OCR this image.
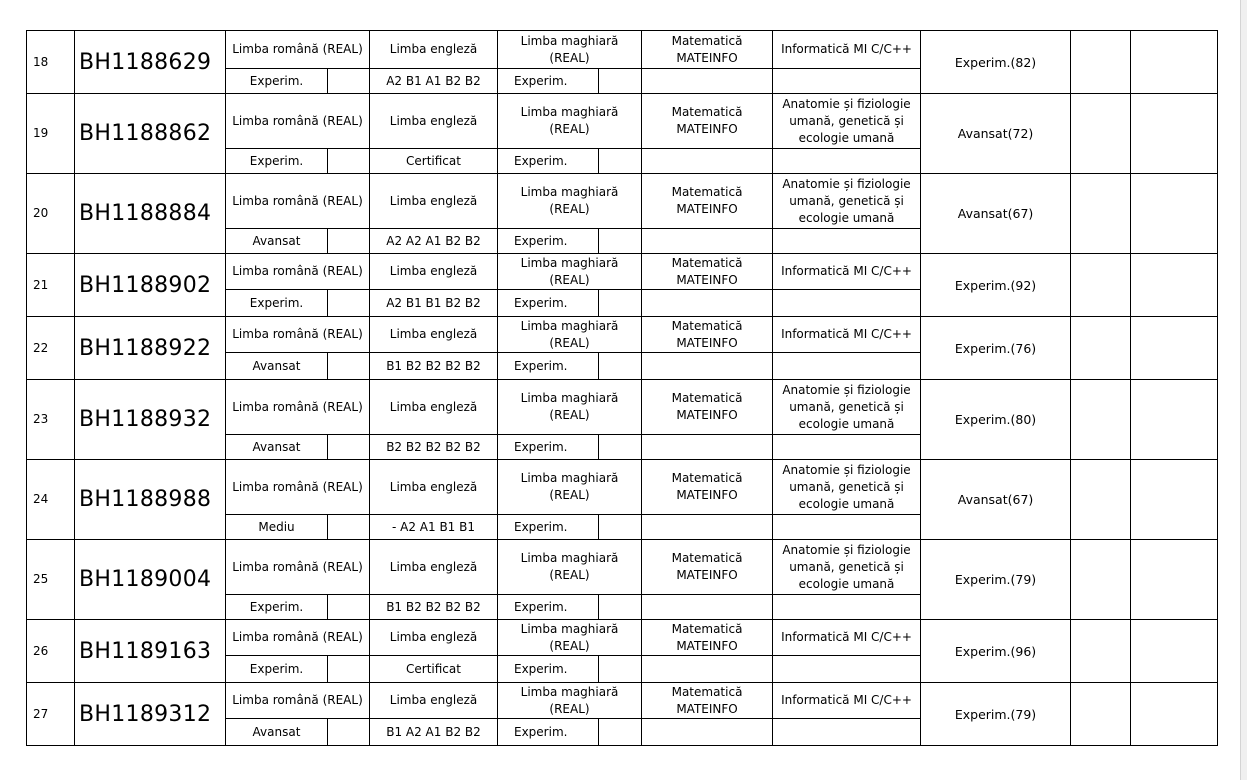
18	BH1188629	Limba română (REAL)		Limba engleză	Limba maghiară (REAL)		Matematică MATEINFO	Informatică MI C/C++	Experim.(82)		
		Experim.		A2 B1 A1 B2 B2	Experim.						
19	BH1188862	Limba română (REAL)		Limba engleză	Limba maghiară (REAL)		Matematică MATEINFO	Anatomie și fiziologie umană, genetică și ecologie umană	Avansat(72)		
		Experim.		Certificat	Experim.						
20	BH1188884	Limba română (REAL)		Limba engleză	Limba maghiară (REAL)		Matematică MATEINFO	Anatomie și fiziologie umană, genetică și ecologie umană	Avansat(67)		
		Avansat		A2 A2 A1 B2 B2	Experim.						
21	BH1188902	Limba română (REAL)		Limba engleză	Limba maghiară (REAL)		Matematică MATEINFO	Informatică MI C/C++	Experim.(92)		
		Experim.		A2 B1 B1 B2 B2	Experim.						
22	BH1188922	Limba română (REAL)		Limba engleză	Limba maghiară (REAL)		Matematică MATEINFO	Informatică MI C/C++	Experim.(76)		
		Avansat		B1 B2 B2 B2 B2	Experim.						
23	BH1188932	Limba română (REAL)		Limba engleză	Limba maghiară (REAL)		Matematică MATEINFO	Anatomie și fiziologie umană, genetică și ecologie umană	Experim.(80)		
		Avansat		B2 B2 B2 B2 B2	Experim.						
24	BH1188988	Limba română (REAL)		Limba engleză	Limba maghiară (REAL)		Matematică MATEINFO	Anatomie și fiziologie umană, genetică și ecologie umană	Avansat(67)		
		Mediu		- A2 A1 B1 B1	Experim.						
25	BH1189004	Limba română (REAL)		Limba engleză	Limba maghiară (REAL)		Matematică MATEINFO	Anatomie și fiziologie umană, genetică și ecologie umană	Experim.(79)		
		Experim.		B1 B2 B2 B2 B2	Experim.						
26	BH1189163	Limba română (REAL)		Limba engleză	Limba maghiară (REAL)		Matematică MATEINFO	Informatică MI C/C++	Experim.(96)		
		Experim.		Certificat	Experim.						
27	BH1189312	Limba română (REAL)		Limba engleză	Limba maghiară (REAL)		Matematică MATEINFO	Informatică MI C/C++	Experim.(79)		
		Avansat		B1 A2 A1 B2 B2	Experim.						
